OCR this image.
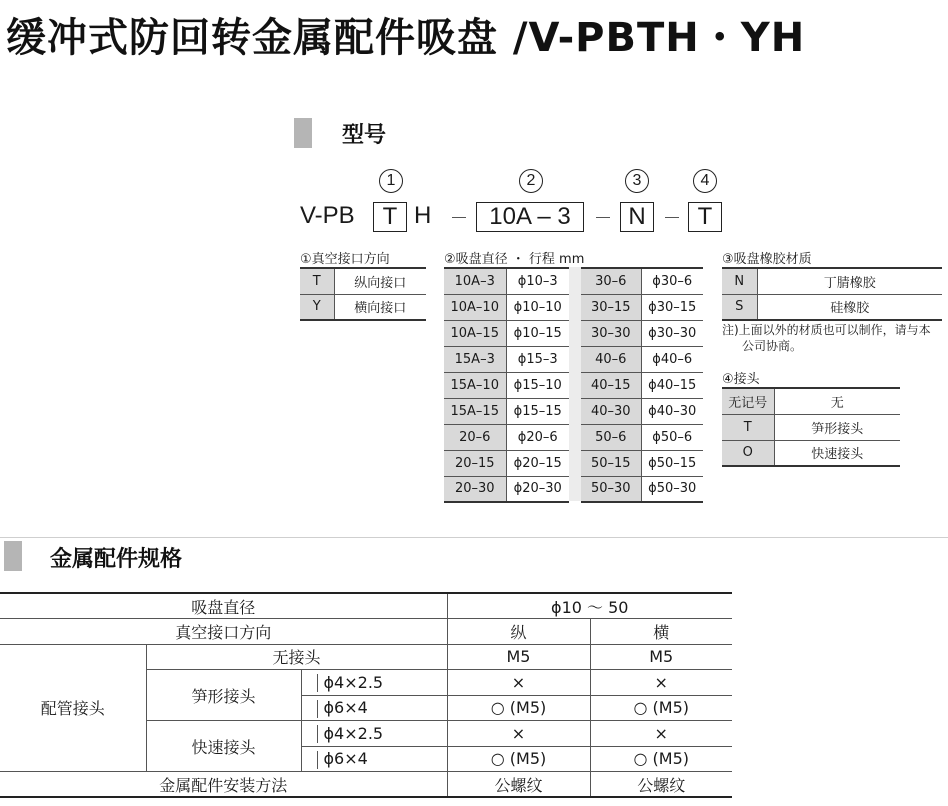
缓冲式防回转金属配件吸盘 /V-PBTH・YH
型号
1	2	3	4
V-PB	T H	10A – 3	N	T
①真空接口方向
T	纵向接口
Y	横向接口
②吸盘直径 ・ 行程 mm
10A–3	ϕ10–3
10A–10	ϕ10–10
10A–15	ϕ10–15
15A–3	ϕ15–3
15A–10	ϕ15–10
15A–15	ϕ15–15
20–6	ϕ20–6
20–15	ϕ20–15
20–30	ϕ20–30
30–6	ϕ30–6
30–15	ϕ30–15
30–30	ϕ30–30
40–6	ϕ40–6
40–15	ϕ40–15
40–30	ϕ40–30
50–6	ϕ50–6
50–15	ϕ50–15
50–30	ϕ50–30
③吸盘橡胶材质
N	丁腈橡胶
S	硅橡胶
注)上面以外的材质也可以制作，请与本
公司协商。
④接头
无记号	无
T	笋形接头
O	快速接头
金属配件规格
吸盘直径			ϕ10 ～ 50	
真空接口方向			纵	横
配管接头	无接头		M5	M5
	笋形接头	ϕ4×2.5	×	×
		ϕ6×4	○ (M5)	○ (M5)
	快速接头	ϕ4×2.5	×	×
		ϕ6×4	○ (M5)	○ (M5)
金属配件安装方法			公螺纹	公螺纹
